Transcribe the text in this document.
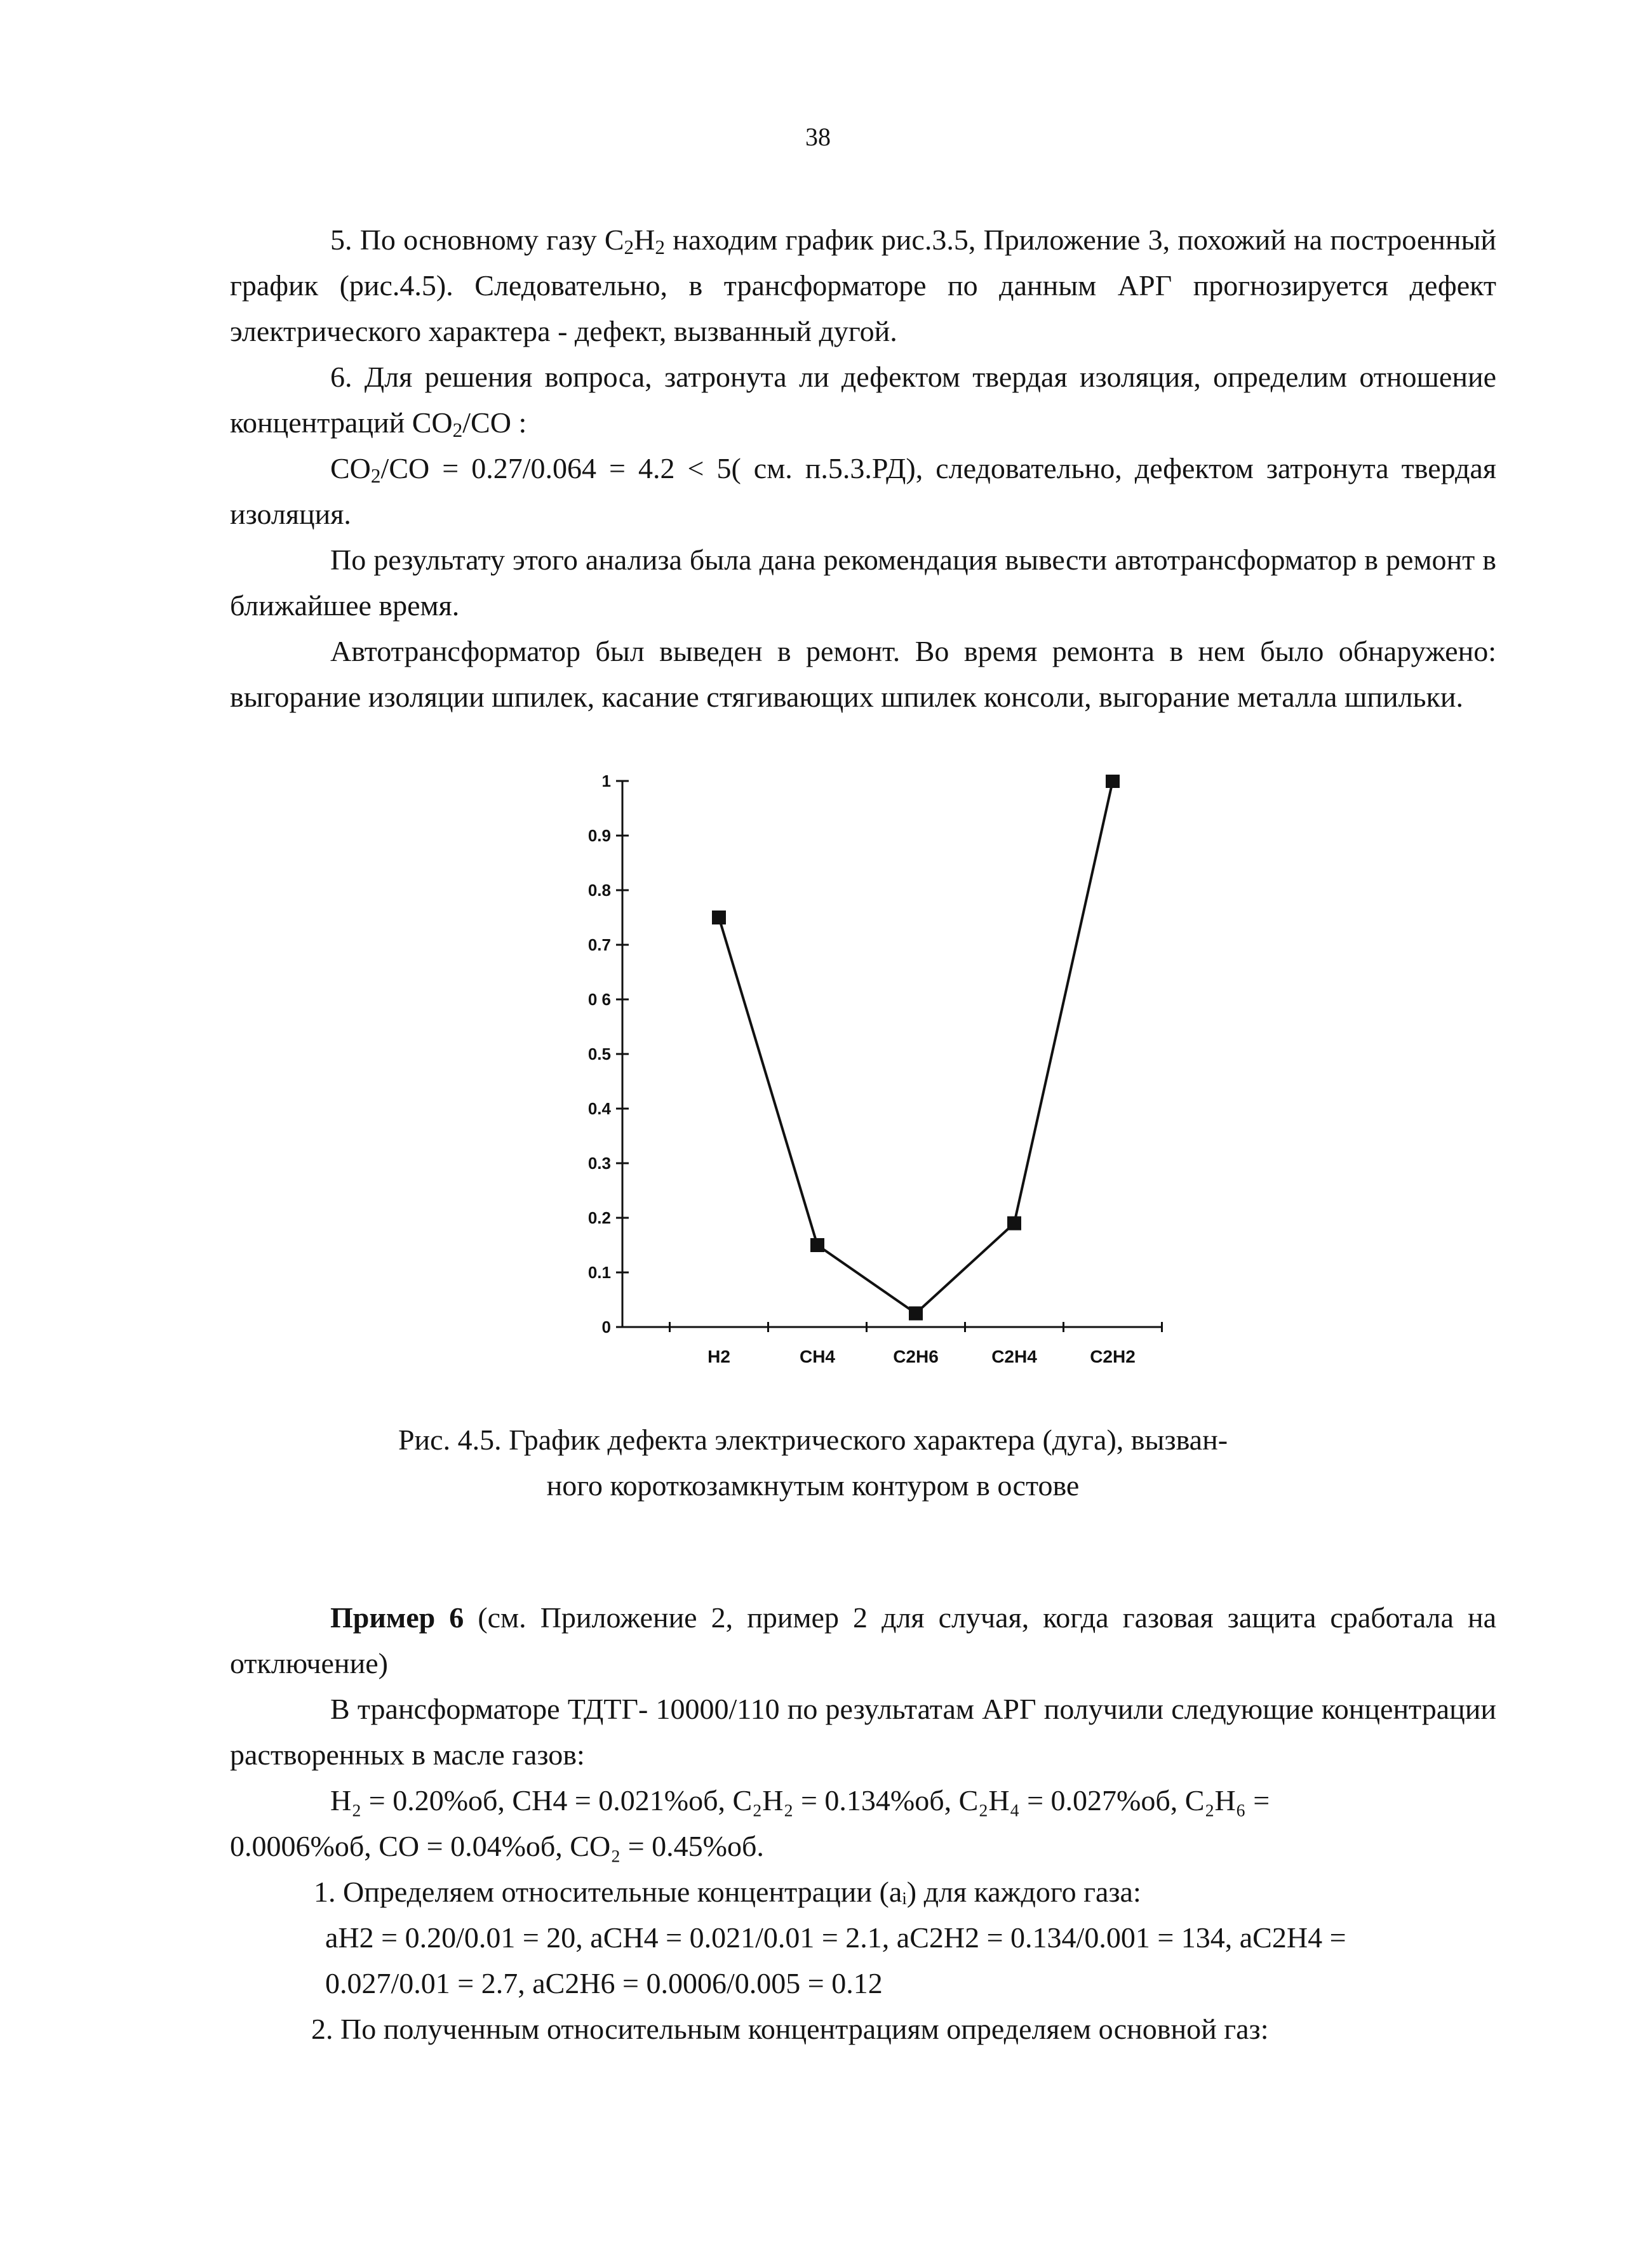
38

5. По основному газу $C_2H_2$ находим график рис.3.5, Приложение 3, похожий на построенный график (рис.4.5). Следовательно, в трансформаторе по данным АРГ прогнозируется дефект электрического характера - дефект, вызванный дугой.

6. Для решения вопроса, затронута ли дефектом твердая изоляция, определим отношение концентраций $CO_2/CO$ :

$CO_2/CO = 0.27/0.064 = 4.2 < 5$( см. п.5.3.РД), следовательно, дефектом затронута твердая изоляция.

По результату этого анализа была дана рекомендация вывести автотрансформатор в ремонт в ближайшее время.

Автотрансформатор был выведен в ремонт. Во время ремонта в нем было обнаружено: выгорание изоляции шпилек, касание стягивающих шпилек консоли, выгорание металла шпильки.

0
0.1
0.2
0.3
0.4
0.5
0 6
0.7
0.8
0.9
1
H2	CH4	C2H6	C2H4	C2H2
Рис. 4.5. График дефекта электрического характера (дуга), вызван-
ного короткозамкнутым контуром в остове

Пример 6 (см. Приложение 2, пример 2 для случая, когда газовая защита сработала на отключение)

В трансформаторе ТДТГ- 10000/110 по результатам АРГ получили следующие концентрации растворенных в масле газов:

H₂ = 0.20%об, CH4 = 0.021%об, C₂H₂ = 0.134%об, C₂H₄ = 0.027%об, C₂H₆ =

0.0006%об, CO = 0.04%об, CO₂ = 0.45%об.

1. Определяем относительные концентрации (aᵢ) для каждого газа:

aH2 = 0.20/0.01 = 20, aCH4 = 0.021/0.01 = 2.1, aC2H2 = 0.134/0.001 = 134, aC2H4 =

0.027/0.01 = 2.7, aC2H6 = 0.0006/0.005 = 0.12

2. По полученным относительным концентрациям определяем основной газ:
